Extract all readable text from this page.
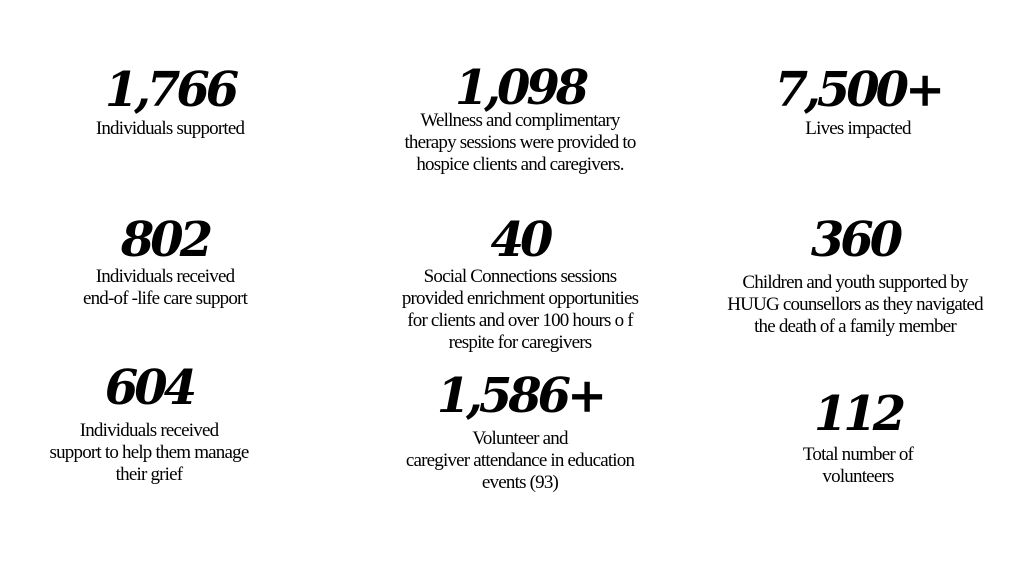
1,766
Individuals supported
802
Individuals received
end-of -life care support
604
Individuals received
support to help them manage
their grief
1,098
Wellness and complimentary
therapy sessions were provided to
hospice clients and caregivers.
40
Social Connections sessions
provided enrichment opportunities
for clients and over 100 hours o f
respite for caregivers
1,586+
Volunteer and
caregiver attendance in education
events (93)
7,500+
Lives impacted
360
Children and youth supported by
HUUG counsellors as they navigated
the death of a family member
112
Total number of
volunteers
